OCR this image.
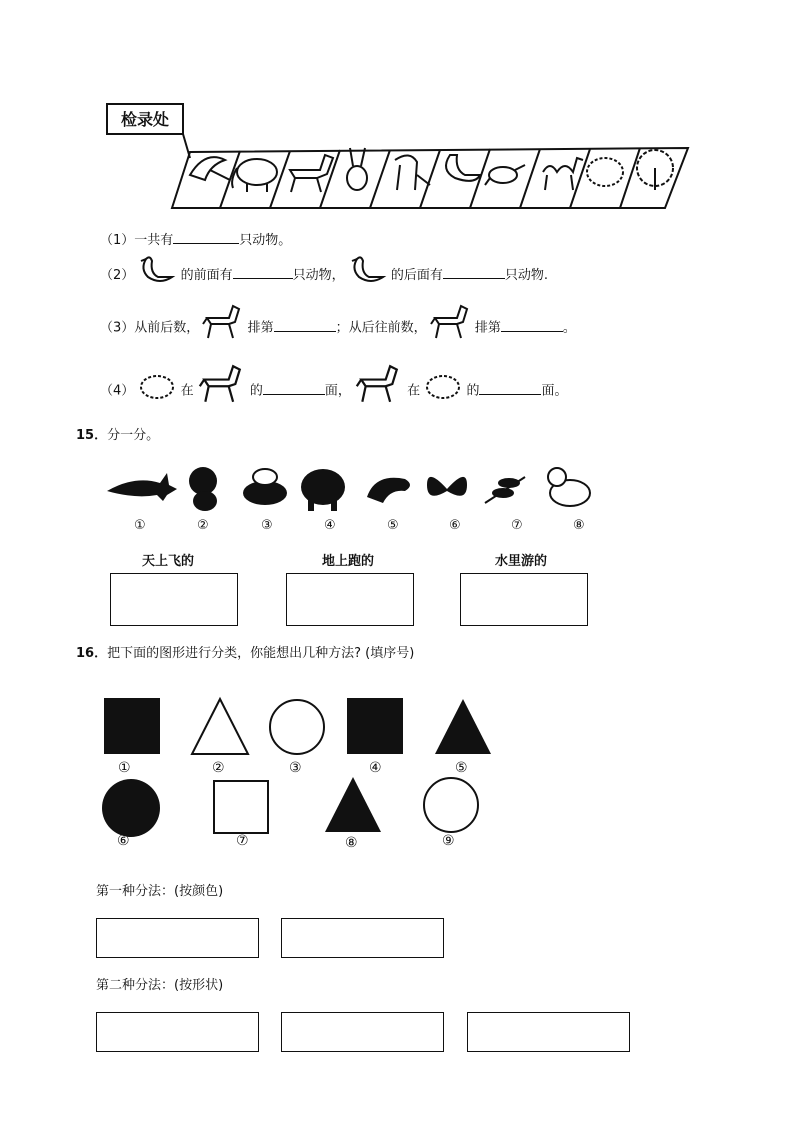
检录处
（1）一共有	只动物。
（2）	的前面有	只动物，	的后面有	只动物.
（3）从前后数，	排第	；从后往前数，	排第	。
（4）	在	的	面，	在	的	面。
15．分一分。
①	②	③	④	⑤	⑥	⑦	⑧
天上飞的	地上跑的	水里游的
16．把下面的图形进行分类，你能想出几种方法? (填序号)
①	②	③	④	⑤
⑥	⑦	⑧	⑨
第一种分法：(按颜色)
第二种分法：(按形状)
